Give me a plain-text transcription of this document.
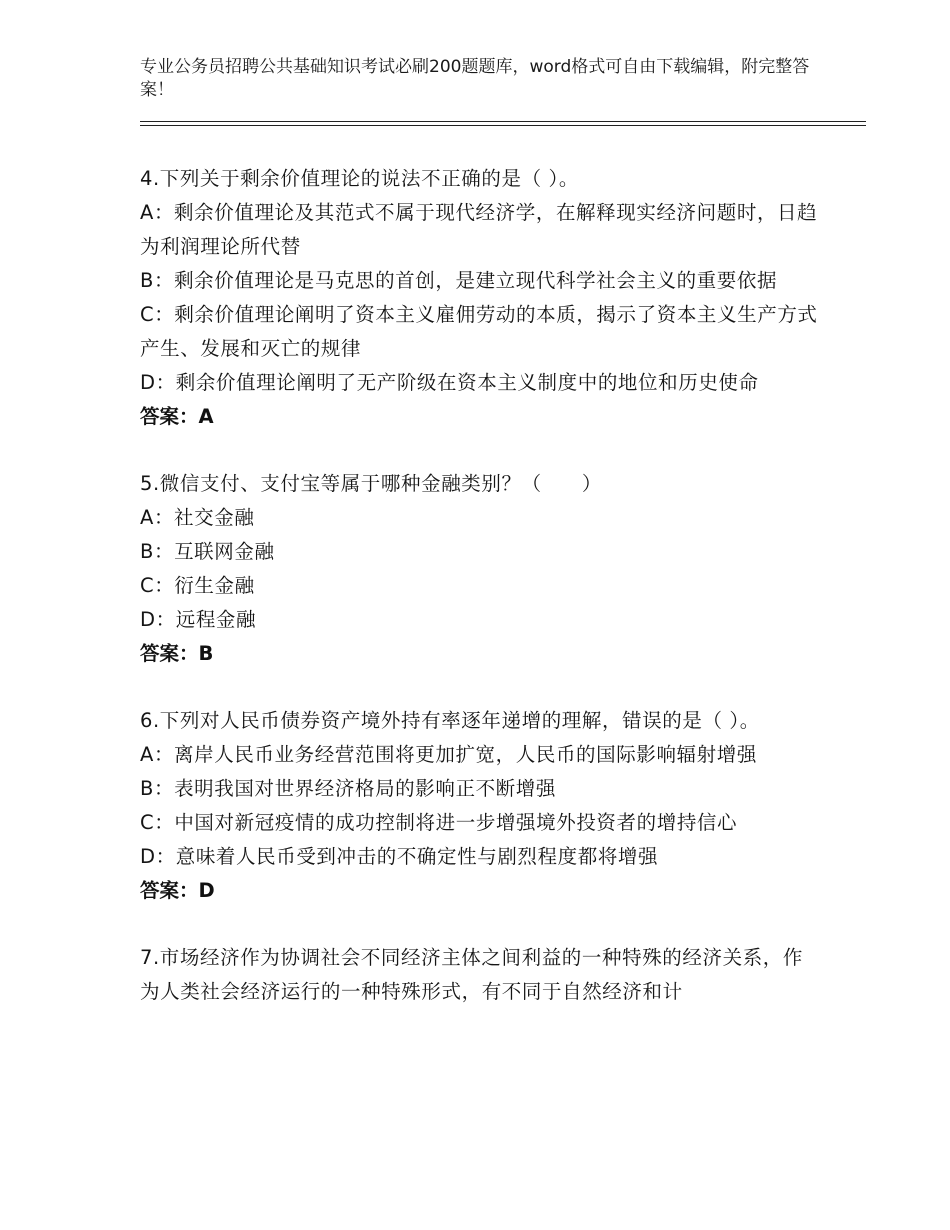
专业公务员招聘公共基础知识考试必刷200题题库，word格式可自由下载编辑，附完整答案！
4.下列关于剩余价值理论的说法不正确的是（ ）。
A：剩余价值理论及其范式不属于现代经济学，在解释现实经济问题时，日趋为利润理论所代替
B：剩余价值理论是马克思的首创，是建立现代科学社会主义的重要依据
C：剩余价值理论阐明了资本主义雇佣劳动的本质，揭示了资本主义生产方式产生、发展和灭亡的规律
D：剩余价值理论阐明了无产阶级在资本主义制度中的地位和历史使命
答案：A
5.微信支付、支付宝等属于哪种金融类别？（　　）
A：社交金融
B：互联网金融
C：衍生金融
D：远程金融
答案：B
6.下列对人民币债券资产境外持有率逐年递增的理解，错误的是（ ）。
A：离岸人民币业务经营范围将更加扩宽，人民币的国际影响辐射增强
B：表明我国对世界经济格局的影响正不断增强
C：中国对新冠疫情的成功控制将进一步增强境外投资者的增持信心
D：意味着人民币受到冲击的不确定性与剧烈程度都将增强
答案：D
7.市场经济作为协调社会不同经济主体之间利益的一种特殊的经济关系，作为人类社会经济运行的一种特殊形式，有不同于自然经济和计
